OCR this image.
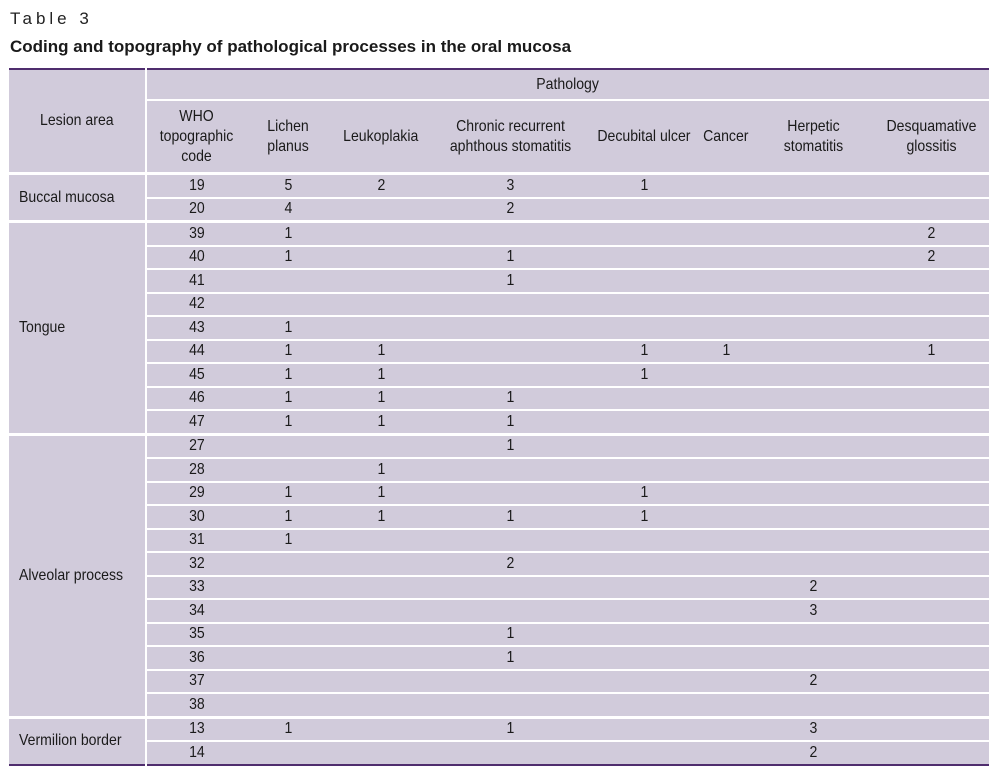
Table 3
Coding and topography of pathological processes in the oral mucosa
Lesion area	Pathology							
	WHO topographic code	Lichen planus	Leukoplakia	Chronic recurrent aphthous stomatitis	Decubital ulcer	Cancer	Herpetic stomatitis	Desquamative glossitis
Buccal mucosa	19	5	2	3	1			
	20	4		2				
Tongue	39	1						2
	40	1		1				2
	41			1				
	42							
	43	1						
	44	1	1		1	1		1
	45	1	1		1			
	46	1	1	1				
	47	1	1	1				
Alveolar process	27			1				
	28		1					
	29	1	1		1			
	30	1	1	1	1			
	31	1						
	32			2				
	33						2	
	34						3	
	35			1				
	36			1				
	37						2	
	38							
Vermilion border	13	1		1			3	
	14						2	
